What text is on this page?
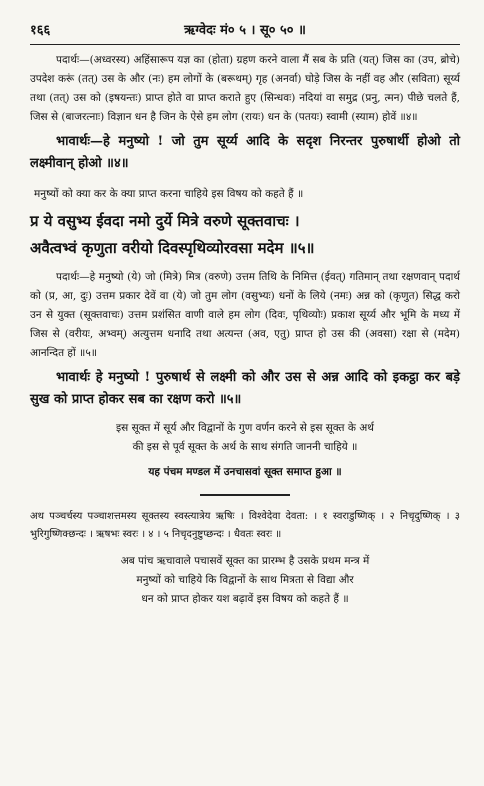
१६६	ऋग्वेदः मं० ५ । सू० ५० ॥

पदार्थः—(अध्वरस्य) अहिंसारूप यज्ञ का (होता) ग्रहण करने वाला मैं सब के प्रति (यत्) जिस का (उप, ब्रोचे) उपदेश करूं (तत्) उस के और (नः) हम लोगों के (बरूथम्) गृह (अनर्वा) घोड़े जिस के नहीं वह और (सविता) सूर्य्य तथा (तत्) उस को (इषयन्तः) प्राप्त होते वा प्राप्त कराते हुए (सिन्धवः) नदियां वा समुद्र (प्रनु, त्मन) पीछे चलते हैं, जिस से (बाजरत्नाः) विज्ञान धन है जिन के ऐसे हम लोग (रायः) धन के (पतयः) स्वामी (स्याम) होवें ॥४॥

भावार्थः—हे मनुष्यो ! जो तुम सूर्य्य आदि के सदृश निरन्तर पुरुषार्थी होओ तो लक्ष्मीवान् होओ ॥४॥

मनुष्यों को क्या कर के क्या प्राप्त करना चाहिये इस विषय को कहते हैं ॥

प्र ये वसुभ्य ईवदा नमो दुर्ये मित्रे वरुणे सूक्तवाचः ।

अवैत्वभ्वं कृणुता वरीयो दिवस्पृथिव्योरवसा मदेम ॥५॥

पदार्थः—हे मनुष्यो (ये) जो (मित्रे) मित्र (वरुणे) उत्तम तिथि के निमित्त (ईवत्) गतिमान् तथा रक्षणवान् पदार्थ को (प्र, आ, दुः) उत्तम प्रकार देवें वा (ये) जो तुम लोग (वसुभ्यः) धनों के लिये (नमः) अन्न को (कृणुत) सिद्ध करो उन से युक्त (सूक्तवाचः) उत्तम प्रशंसित वाणी वाले हम लोग (दिवः, पृथिव्योः) प्रकाश सूर्य्य और भूमि के मध्य में जिस से (वरीयः, अभ्वम्) अत्युत्तम धनादि तथा अत्यन्त (अव, एतु) प्राप्त हो उस की (अवसा) रक्षा से (मदेम) आनन्दित हों ॥५॥

भावार्थः हे मनुष्यो ! पुरुषार्थ से लक्ष्मी को और उस से अन्न आदि को इकट्ठा कर बड़े सुख को प्राप्त होकर सब का रक्षण करो ॥५॥

इस सूक्त में सूर्य और विद्वानों के गुण वर्णन करने से इस सूक्त के अर्थ

की इस से पूर्व सूक्त के अर्थ के साथ संगति जाननी चाहिये ॥

यह पंचम मण्डल में उनचासवां सूक्त समाप्त हुआ ॥

अथ पञ्चर्चस्य पञ्चाशत्तमस्य सूक्तस्य स्वस्त्यात्रेय ऋषिः । विश्वेदेवा देवता: । १ स्वराडुष्णिक् । २ निचृदुष्णिक् । ३ भुरिगुष्णिक्छन्दः । ऋषभः स्वरः । ४ । ५ निचृदनुष्टुप्छन्दः । धैवतः स्वरः ॥

अब पांच ऋचावाले पचासवें सूक्त का प्रारम्भ है उसके प्रथम मन्त्र में

मनुष्यों को चाहिये कि विद्वानों के साथ मित्रता से विद्या और

धन को प्राप्त होकर यश बढ़ावें इस विषय को कहते हैं ॥
